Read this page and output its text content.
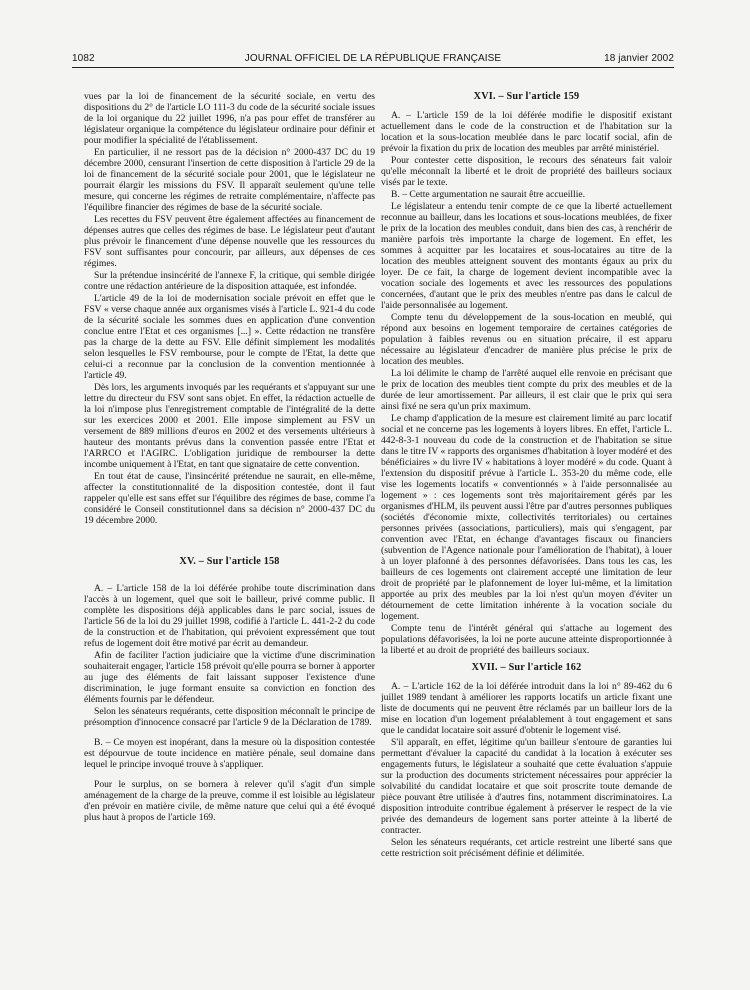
1082	JOURNAL OFFICIEL DE LA RÉPUBLIQUE FRANÇAISE	18 janvier 2002

vues par la loi de financement de la sécurité sociale, en vertu des dispositions du 2° de l'article LO 111-3 du code de la sécurité sociale issues de la loi organique du 22 juillet 1996, n'a pas pour effet de transférer au législateur organique la compétence du législateur ordinaire pour définir et pour modifier la spécialité de l'établissement.

En particulier, il ne ressort pas de la décision n° 2000-437 DC du 19 décembre 2000, censurant l'insertion de cette disposition à l'article 29 de la loi de financement de la sécurité sociale pour 2001, que le législateur ne pourrait élargir les missions du FSV. Il apparaît seulement qu'une telle mesure, qui concerne les régimes de retraite complémentaire, n'affecte pas l'équilibre financier des régimes de base de la sécurité sociale.

Les recettes du FSV peuvent être également affectées au financement de dépenses autres que celles des régimes de base. Le législateur peut d'autant plus prévoir le financement d'une dépense nouvelle que les ressources du FSV sont suffisantes pour concourir, par ailleurs, aux dépenses de ces régimes.

Sur la prétendue insincérité de l'annexe F, la critique, qui semble dirigée contre une rédaction antérieure de la disposition attaquée, est infondée.

L'article 49 de la loi de modernisation sociale prévoit en effet que le FSV « verse chaque année aux organismes visés à l'article L. 921-4 du code de la sécurité sociale les sommes dues en application d'une convention conclue entre l'Etat et ces organismes [...] ». Cette rédaction ne transfère pas la charge de la dette au FSV. Elle définit simplement les modalités selon lesquelles le FSV rembourse, pour le compte de l'Etat, la dette que celui-ci a reconnue par la conclusion de la convention mentionnée à l'article 49.

Dès lors, les arguments invoqués par les requérants et s'appuyant sur une lettre du directeur du FSV sont sans objet. En effet, la rédaction actuelle de la loi n'impose plus l'enregistrement comptable de l'intégralité de la dette sur les exercices 2000 et 2001. Elle impose simplement au FSV un versement de 889 millions d'euros en 2002 et des versements ultérieurs à hauteur des montants prévus dans la convention passée entre l'Etat et l'ARRCO et l'AGIRC. L'obligation juridique de rembourser la dette incombe uniquement à l'Etat, en tant que signataire de cette convention.

En tout état de cause, l'insincérité prétendue ne saurait, en elle-même, affecter la constitutionnalité de la disposition contestée, dont il faut rappeler qu'elle est sans effet sur l'équilibre des régimes de base, comme l'a considéré le Conseil constitutionnel dans sa décision n° 2000-437 DC du 19 décembre 2000.

XV. – Sur l'article 158

A. – L'article 158 de la loi déférée prohibe toute discrimination dans l'accès à un logement, quel que soit le bailleur, privé comme public. Il complète les dispositions déjà applicables dans le parc social, issues de l'article 56 de la loi du 29 juillet 1998, codifié à l'article L. 441-2-2 du code de la construction et de l'habitation, qui prévoient expressément que tout refus de logement doit être motivé par écrit au demandeur.

Afin de faciliter l'action judiciaire que la victime d'une discrimination souhaiterait engager, l'article 158 prévoit qu'elle pourra se borner à apporter au juge des éléments de fait laissant supposer l'existence d'une discrimination, le juge formant ensuite sa conviction en fonction des éléments fournis par le défendeur.

Selon les sénateurs requérants, cette disposition méconnaît le principe de présomption d'innocence consacré par l'article 9 de la Déclaration de 1789.

B. – Ce moyen est inopérant, dans la mesure où la disposition contestée est dépourvue de toute incidence en matière pénale, seul domaine dans lequel le principe invoqué trouve à s'appliquer.

Pour le surplus, on se bornera à relever qu'il s'agit d'un simple aménagement de la charge de la preuve, comme il est loisible au législateur d'en prévoir en matière civile, de même nature que celui qui a été évoqué plus haut à propos de l'article 169.

XVI. – Sur l'article 159

A. – L'article 159 de la loi déférée modifie le dispositif existant actuellement dans le code de la construction et de l'habitation sur la location et la sous-location meublée dans le parc locatif social, afin de prévoir la fixation du prix de location des meubles par arrêté ministériel.

Pour contester cette disposition, le recours des sénateurs fait valoir qu'elle méconnaît la liberté et le droit de propriété des bailleurs sociaux visés par le texte.

B. – Cette argumentation ne saurait être accueillie.

Le législateur a entendu tenir compte de ce que la liberté actuellement reconnue au bailleur, dans les locations et sous-locations meublées, de fixer le prix de la location des meubles conduit, dans bien des cas, à renchérir de manière parfois très importante la charge de logement. En effet, les sommes à acquitter par les locataires et sous-locataires au titre de la location des meubles atteignent souvent des montants égaux au prix du loyer. De ce fait, la charge de logement devient incompatible avec la vocation sociale des logements et avec les ressources des populations concernées, d'autant que le prix des meubles n'entre pas dans le calcul de l'aide personnalisée au logement.

Compte tenu du développement de la sous-location en meublé, qui répond aux besoins en logement temporaire de certaines catégories de population à faibles revenus ou en situation précaire, il est apparu nécessaire au législateur d'encadrer de manière plus précise le prix de location des meubles.

La loi délimite le champ de l'arrêté auquel elle renvoie en précisant que le prix de location des meubles tient compte du prix des meubles et de la durée de leur amortissement. Par ailleurs, il est clair que le prix qui sera ainsi fixé ne sera qu'un prix maximum.

Le champ d'application de la mesure est clairement limité au parc locatif social et ne concerne pas les logements à loyers libres. En effet, l'article L. 442-8-3-1 nouveau du code de la construction et de l'habitation se situe dans le titre IV « rapports des organismes d'habitation à loyer modéré et des bénéficiaires » du livre IV « habitations à loyer modéré » du code. Quant à l'extension du dispositif prévue à l'article L. 353-20 du même code, elle vise les logements locatifs « conventionnés » à l'aide personnalisée au logement » : ces logements sont très majoritairement gérés par les organismes d'HLM, ils peuvent aussi l'être par d'autres personnes publiques (sociétés d'économie mixte, collectivités territoriales) ou certaines personnes privées (associations, particuliers), mais qui s'engagent, par convention avec l'Etat, en échange d'avantages fiscaux ou financiers (subvention de l'Agence nationale pour l'amélioration de l'habitat), à louer à un loyer plafonné à des personnes défavorisées. Dans tous les cas, les bailleurs de ces logements ont clairement accepté une limitation de leur droit de propriété par le plafonnement de loyer lui-même, et la limitation apportée au prix des meubles par la loi n'est qu'un moyen d'éviter un détournement de cette limitation inhérente à la vocation sociale du logement.

Compte tenu de l'intérêt général qui s'attache au logement des populations défavorisées, la loi ne porte aucune atteinte disproportionnée à la liberté et au droit de propriété des bailleurs sociaux.

XVII. – Sur l'article 162

A. – L'article 162 de la loi déférée introduit dans la loi n° 89-462 du 6 juillet 1989 tendant à améliorer les rapports locatifs un article fixant une liste de documents qui ne peuvent être réclamés par un bailleur lors de la mise en location d'un logement préalablement à tout engagement et sans que le candidat locataire soit assuré d'obtenir le logement visé.

S'il apparaît, en effet, légitime qu'un bailleur s'entoure de garanties lui permettant d'évaluer la capacité du candidat à la location à exécuter ses engagements futurs, le législateur a souhaité que cette évaluation s'appuie sur la production des documents strictement nécessaires pour apprécier la solvabilité du candidat locataire et que soit proscrite toute demande de pièce pouvant être utilisée à d'autres fins, notamment discriminatoires. La disposition introduite contribue également à préserver le respect de la vie privée des demandeurs de logement sans porter atteinte à la liberté de contracter.

Selon les sénateurs requérants, cet article restreint une liberté sans que cette restriction soit précisément définie et délimitée.
